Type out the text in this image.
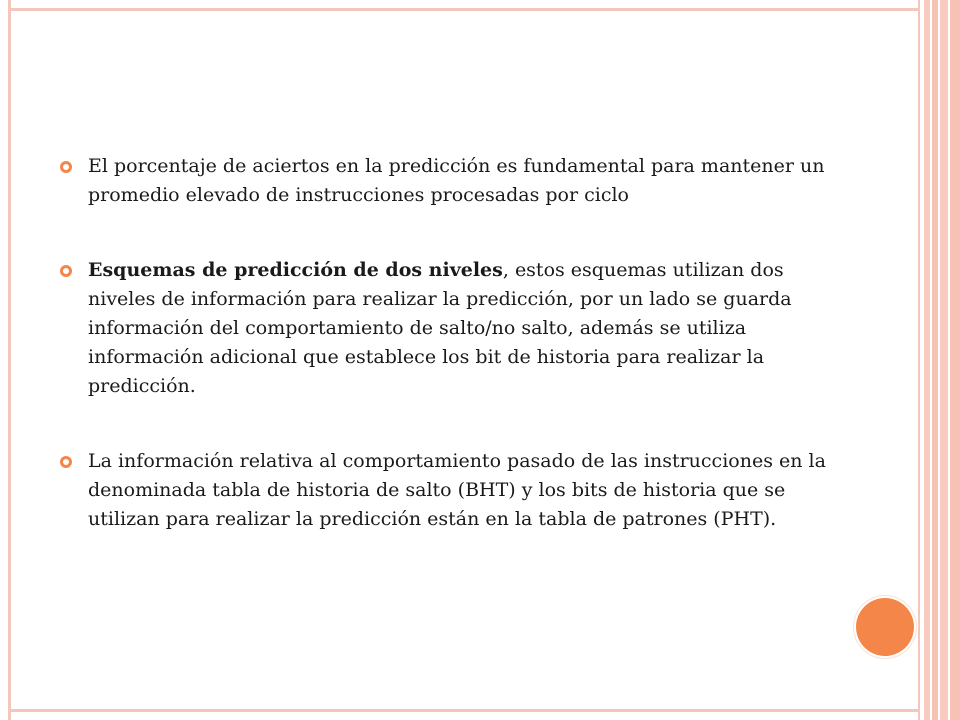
El porcentaje de aciertos en la predicción es fundamental para mantener un promedio elevado de instrucciones procesadas por ciclo
Esquemas de predicción de dos niveles, estos esquemas utilizan dos niveles de información para realizar la predicción, por un lado se guarda información del comportamiento de salto/no salto, además se utiliza información adicional que establece los bit de historia para realizar la predicción.
La información relativa al comportamiento pasado de las instrucciones en la denominada tabla de historia de salto (BHT) y los bits de historia que se utilizan para realizar la predicción están en la tabla de patrones (PHT).
